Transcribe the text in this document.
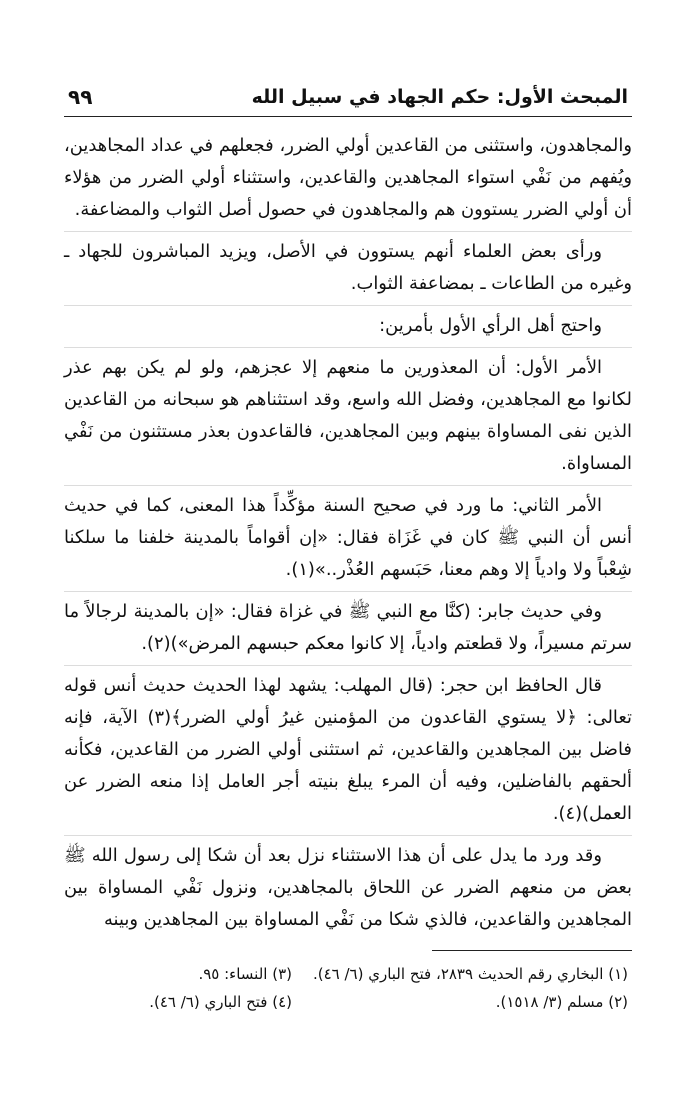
المبحث الأول: حكم الجهاد في سبيل الله
٩٩

والمجاهدون، واستثنى من القاعدين أولي الضرر، فجعلهم في عداد المجاهدين، ويُفهم من نَفْي استواء المجاهدين والقاعدين، واستثناء أولي الضرر من هؤلاء أن أولي الضرر يستوون هم والمجاهدون في حصول أصل الثواب والمضاعفة.

ورأى بعض العلماء أنهم يستوون في الأصل، ويزيد المباشرون للجهاد ـ وغيره من الطاعات ـ بمضاعفة الثواب.

واحتج أهل الرأي الأول بأمرين:

الأمر الأول: أن المعذورين ما منعهم إلا عجزهم، ولو لم يكن بهم عذر لكانوا مع المجاهدين، وفضل الله واسع، وقد استثناهم هو سبحانه من القاعدين الذين نفى المساواة بينهم وبين المجاهدين، فالقاعدون بعذر مستثنون من نَفْي المساواة.

الأمر الثاني: ما ورد في صحيح السنة مؤكِّداً هذا المعنى، كما في حديث أنس أن النبي ﷺ كان في غَزَاة فقال: «إن أقواماً بالمدينة خلفنا ما سلكنا شِعْباً ولا وادياً إلا وهم معنا، حَبَسهم العُذْر..»(١).

وفي حديث جابر: (كنَّا مع النبي ﷺ في غزاة فقال: «إن بالمدينة لرجالاً ما سرتم مسيراً، ولا قطعتم وادياً، إلا كانوا معكم حبسهم المرض»)(٢).

قال الحافظ ابن حجر: (قال المهلب: يشهد لهذا الحديث حديث أنس قوله تعالى: ﴿لا يستوي القاعدون من المؤمنين غيرُ أولي الضرر﴾(٣) الآية، فإنه فاضل بين المجاهدين والقاعدين، ثم استثنى أولي الضرر من القاعدين، فكأنه ألحقهم بالفاضلين، وفيه أن المرء يبلغ بنيته أجر العامل إذا منعه الضرر عن العمل)(٤).

وقد ورد ما يدل على أن هذا الاستثناء نزل بعد أن شكا إلى رسول الله ﷺ بعض من منعهم الضرر عن اللحاق بالمجاهدين، ونزول نَفْي المساواة بين المجاهدين والقاعدين، فالذي شكا من نَفْي المساواة بين المجاهدين وبينه

(١) البخاري رقم الحديث ٢٨٣٩، فتح الباري (٦/ ٤٦).
(٣) النساء: ٩٥.
(٢) مسلم (٣/ ١٥١٨).
(٤) فتح الباري (٦/ ٤٦).
